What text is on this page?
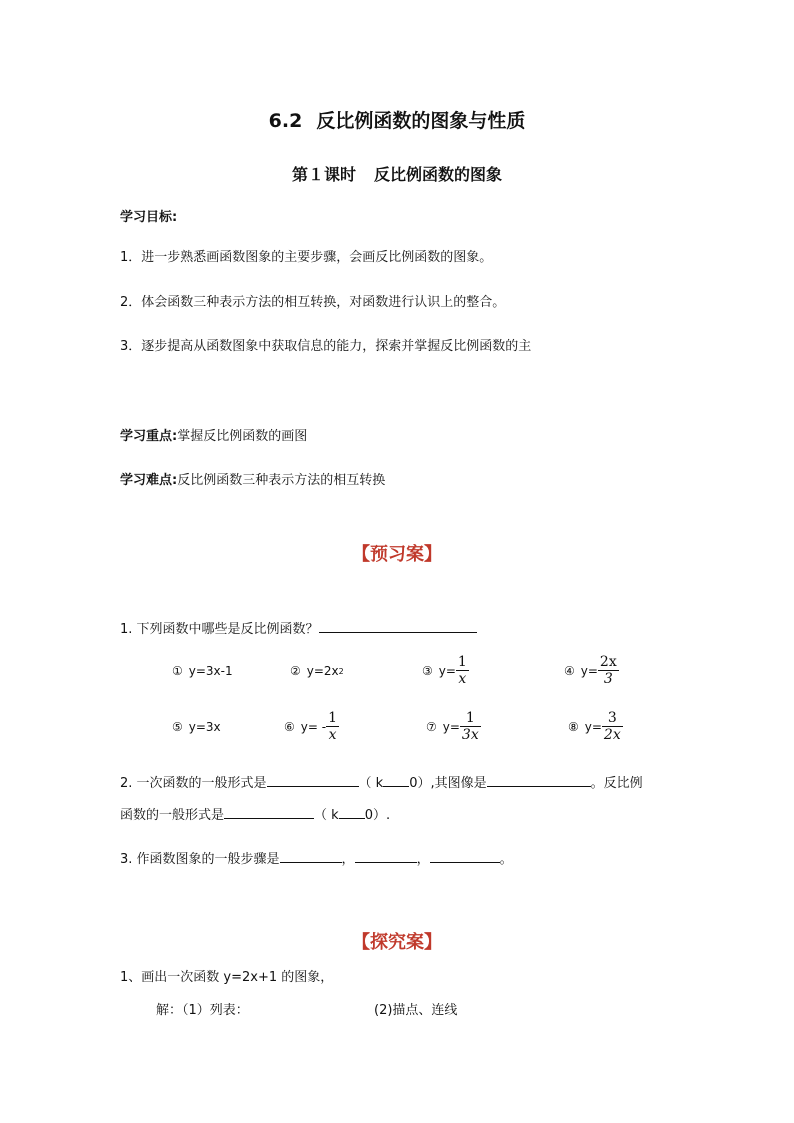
6.2 反比例函数的图象与性质
第１课时 反比例函数的图象
学习目标:
1．进一步熟悉画函数图象的主要步骤，会画反比例函数的图象。
2．体会函数三种表示方法的相互转换，对函数进行认识上的整合。
3．逐步提高从函数图象中获取信息的能力，探索并掌握反比例函数的主
学习重点:掌握反比例函数的画图
学习难点:反比例函数三种表示方法的相互转换
【预习案】
1. 下列函数中哪些是反比例函数？
① y=3x-1	② y=2x 2	③ $y= \frac{1}{x}$	④ $y= \frac{2x}{3}$
⑤ y=3x	⑥ $y= - \frac{1}{x}$	⑦ $y= \frac{1}{3x}$	⑧ $y= \frac{3}{2x}$
2. 一次函数的一般形式是	（ k 0）,其图像是	。反比例
函数的一般形式是	（ k 0）.
3. 作函数图象的一般步骤是	，	，	。
【探究案】
1、画出一次函数 y=2x+1 的图象，
解：（1）列表：	(2)描点、连线
